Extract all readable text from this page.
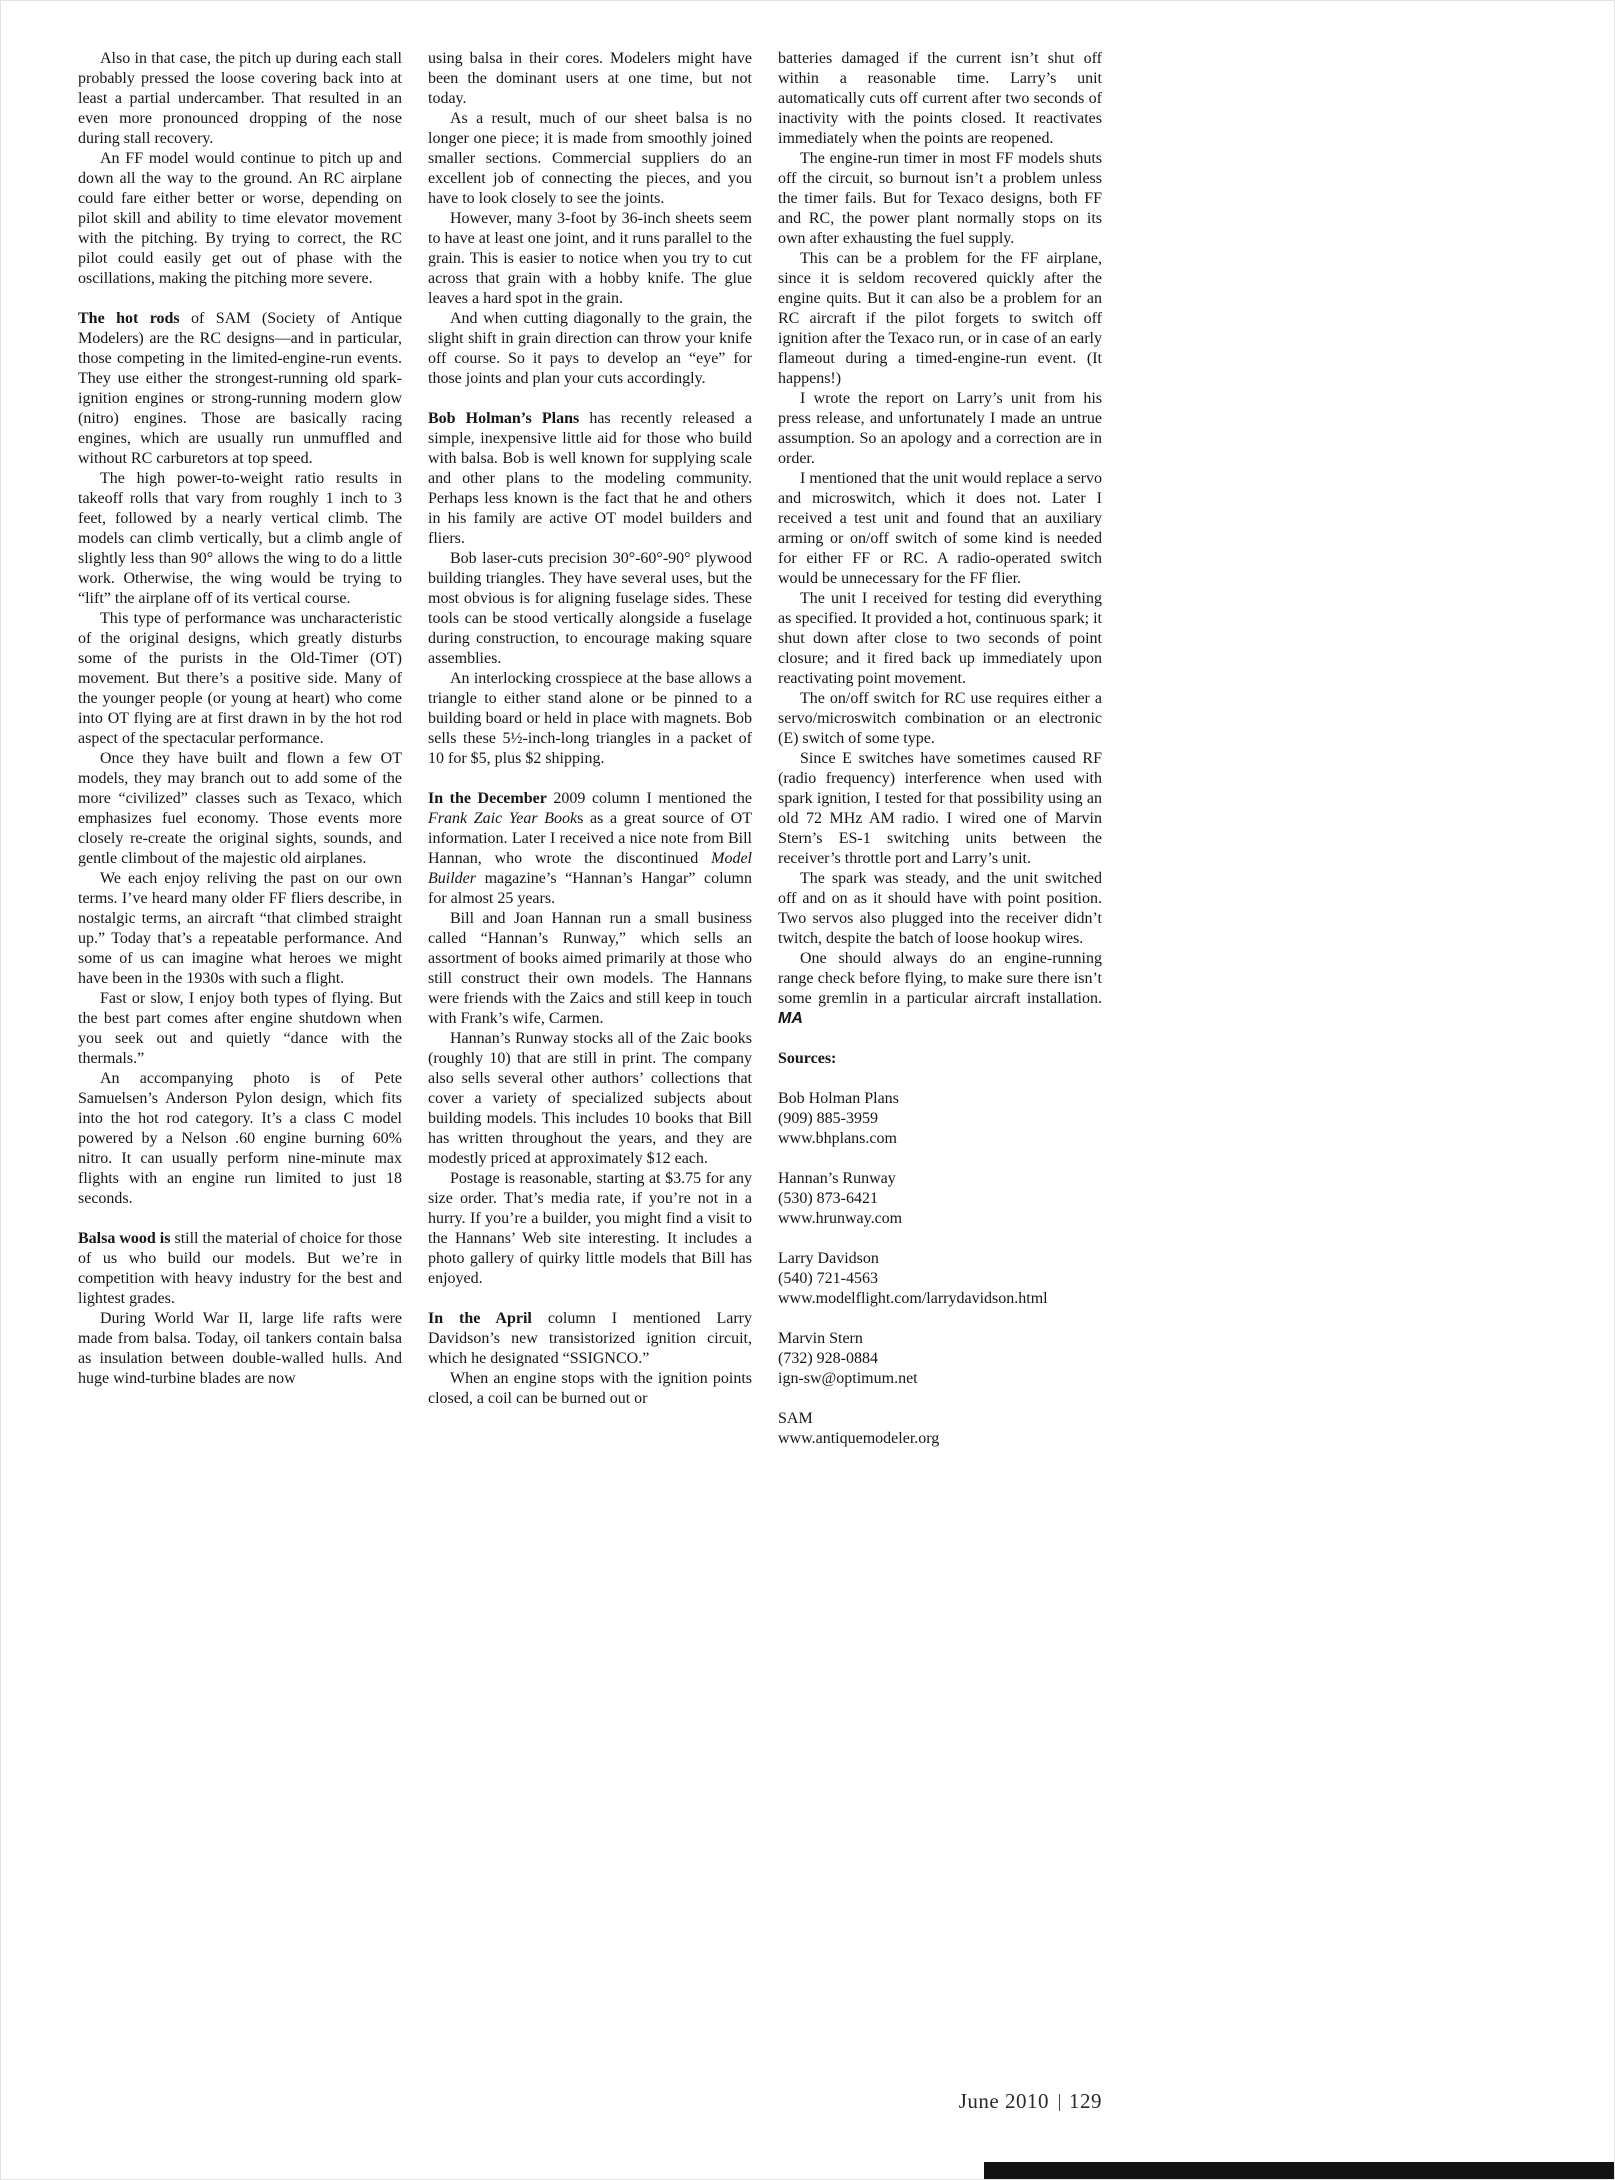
Also in that case, the pitch up during each stall probably pressed the loose covering back into at least a partial undercamber. That resulted in an even more pronounced dropping of the nose during stall recovery.

An FF model would continue to pitch up and down all the way to the ground. An RC airplane could fare either better or worse, depending on pilot skill and ability to time elevator movement with the pitching. By trying to correct, the RC pilot could easily get out of phase with the oscillations, making the pitching more severe.

The hot rods of SAM (Society of Antique Modelers) are the RC designs—and in particular, those competing in the limited-engine-run events. They use either the strongest-running old spark-ignition engines or strong-running modern glow (nitro) engines. Those are basically racing engines, which are usually run unmuffled and without RC carburetors at top speed.

The high power-to-weight ratio results in takeoff rolls that vary from roughly 1 inch to 3 feet, followed by a nearly vertical climb. The models can climb vertically, but a climb angle of slightly less than 90° allows the wing to do a little work. Otherwise, the wing would be trying to “lift” the airplane off of its vertical course.

This type of performance was uncharacteristic of the original designs, which greatly disturbs some of the purists in the Old-Timer (OT) movement. But there’s a positive side. Many of the younger people (or young at heart) who come into OT flying are at first drawn in by the hot rod aspect of the spectacular performance.

Once they have built and flown a few OT models, they may branch out to add some of the more “civilized” classes such as Texaco, which emphasizes fuel economy. Those events more closely re-create the original sights, sounds, and gentle climbout of the majestic old airplanes.

We each enjoy reliving the past on our own terms. I’ve heard many older FF fliers describe, in nostalgic terms, an aircraft “that climbed straight up.” Today that’s a repeatable performance. And some of us can imagine what heroes we might have been in the 1930s with such a flight.

Fast or slow, I enjoy both types of flying. But the best part comes after engine shutdown when you seek out and quietly “dance with the thermals.”

An accompanying photo is of Pete Samuelsen’s Anderson Pylon design, which fits into the hot rod category. It’s a class C model powered by a Nelson .60 engine burning 60% nitro. It can usually perform nine-minute max flights with an engine run limited to just 18 seconds.

Balsa wood is still the material of choice for those of us who build our models. But we’re in competition with heavy industry for the best and lightest grades.

During World War II, large life rafts were made from balsa. Today, oil tankers contain balsa as insulation between double-walled hulls. And huge wind-turbine blades are now

using balsa in their cores. Modelers might have been the dominant users at one time, but not today.

As a result, much of our sheet balsa is no longer one piece; it is made from smoothly joined smaller sections. Commercial suppliers do an excellent job of connecting the pieces, and you have to look closely to see the joints.

However, many 3-foot by 36-inch sheets seem to have at least one joint, and it runs parallel to the grain. This is easier to notice when you try to cut across that grain with a hobby knife. The glue leaves a hard spot in the grain.

And when cutting diagonally to the grain, the slight shift in grain direction can throw your knife off course. So it pays to develop an “eye” for those joints and plan your cuts accordingly.

Bob Holman’s Plans has recently released a simple, inexpensive little aid for those who build with balsa. Bob is well known for supplying scale and other plans to the modeling community. Perhaps less known is the fact that he and others in his family are active OT model builders and fliers.

Bob laser-cuts precision 30°-60°-90° plywood building triangles. They have several uses, but the most obvious is for aligning fuselage sides. These tools can be stood vertically alongside a fuselage during construction, to encourage making square assemblies.

An interlocking crosspiece at the base allows a triangle to either stand alone or be pinned to a building board or held in place with magnets. Bob sells these 5½-inch-long triangles in a packet of 10 for $5, plus $2 shipping.

In the December 2009 column I mentioned the Frank Zaic Year Books as a great source of OT information. Later I received a nice note from Bill Hannan, who wrote the discontinued Model Builder magazine’s “Hannan’s Hangar” column for almost 25 years.

Bill and Joan Hannan run a small business called “Hannan’s Runway,” which sells an assortment of books aimed primarily at those who still construct their own models. The Hannans were friends with the Zaics and still keep in touch with Frank’s wife, Carmen.

Hannan’s Runway stocks all of the Zaic books (roughly 10) that are still in print. The company also sells several other authors’ collections that cover a variety of specialized subjects about building models. This includes 10 books that Bill has written throughout the years, and they are modestly priced at approximately $12 each.

Postage is reasonable, starting at $3.75 for any size order. That’s media rate, if you’re not in a hurry. If you’re a builder, you might find a visit to the Hannans’ Web site interesting. It includes a photo gallery of quirky little models that Bill has enjoyed.

In the April column I mentioned Larry Davidson’s new transistorized ignition circuit, which he designated “SSIGNCO.”

When an engine stops with the ignition points closed, a coil can be burned out or

batteries damaged if the current isn’t shut off within a reasonable time. Larry’s unit automatically cuts off current after two seconds of inactivity with the points closed. It reactivates immediately when the points are reopened.

The engine-run timer in most FF models shuts off the circuit, so burnout isn’t a problem unless the timer fails. But for Texaco designs, both FF and RC, the power plant normally stops on its own after exhausting the fuel supply.

This can be a problem for the FF airplane, since it is seldom recovered quickly after the engine quits. But it can also be a problem for an RC aircraft if the pilot forgets to switch off ignition after the Texaco run, or in case of an early flameout during a timed-engine-run event. (It happens!)

I wrote the report on Larry’s unit from his press release, and unfortunately I made an untrue assumption. So an apology and a correction are in order.

I mentioned that the unit would replace a servo and microswitch, which it does not. Later I received a test unit and found that an auxiliary arming or on/off switch of some kind is needed for either FF or RC. A radio-operated switch would be unnecessary for the FF flier.

The unit I received for testing did everything as specified. It provided a hot, continuous spark; it shut down after close to two seconds of point closure; and it fired back up immediately upon reactivating point movement.

The on/off switch for RC use requires either a servo/microswitch combination or an electronic (E) switch of some type.

Since E switches have sometimes caused RF (radio frequency) interference when used with spark ignition, I tested for that possibility using an old 72 MHz AM radio. I wired one of Marvin Stern’s ES-1 switching units between the receiver’s throttle port and Larry’s unit.

The spark was steady, and the unit switched off and on as it should have with point position. Two servos also plugged into the receiver didn’t twitch, despite the batch of loose hookup wires.

One should always do an engine-running range check before flying, to make sure there isn’t some gremlin in a particular aircraft installation. MA

Sources:

Bob Holman Plans
(909) 885-3959
www.bhplans.com

Hannan’s Runway
(530) 873-6421
www.hrunway.com

Larry Davidson
(540) 721-4563
www.modelflight.com/larrydavidson.html

Marvin Stern
(732) 928-0884
ign-sw@optimum.net

SAM
www.antiquemodeler.org

June 2010 129
